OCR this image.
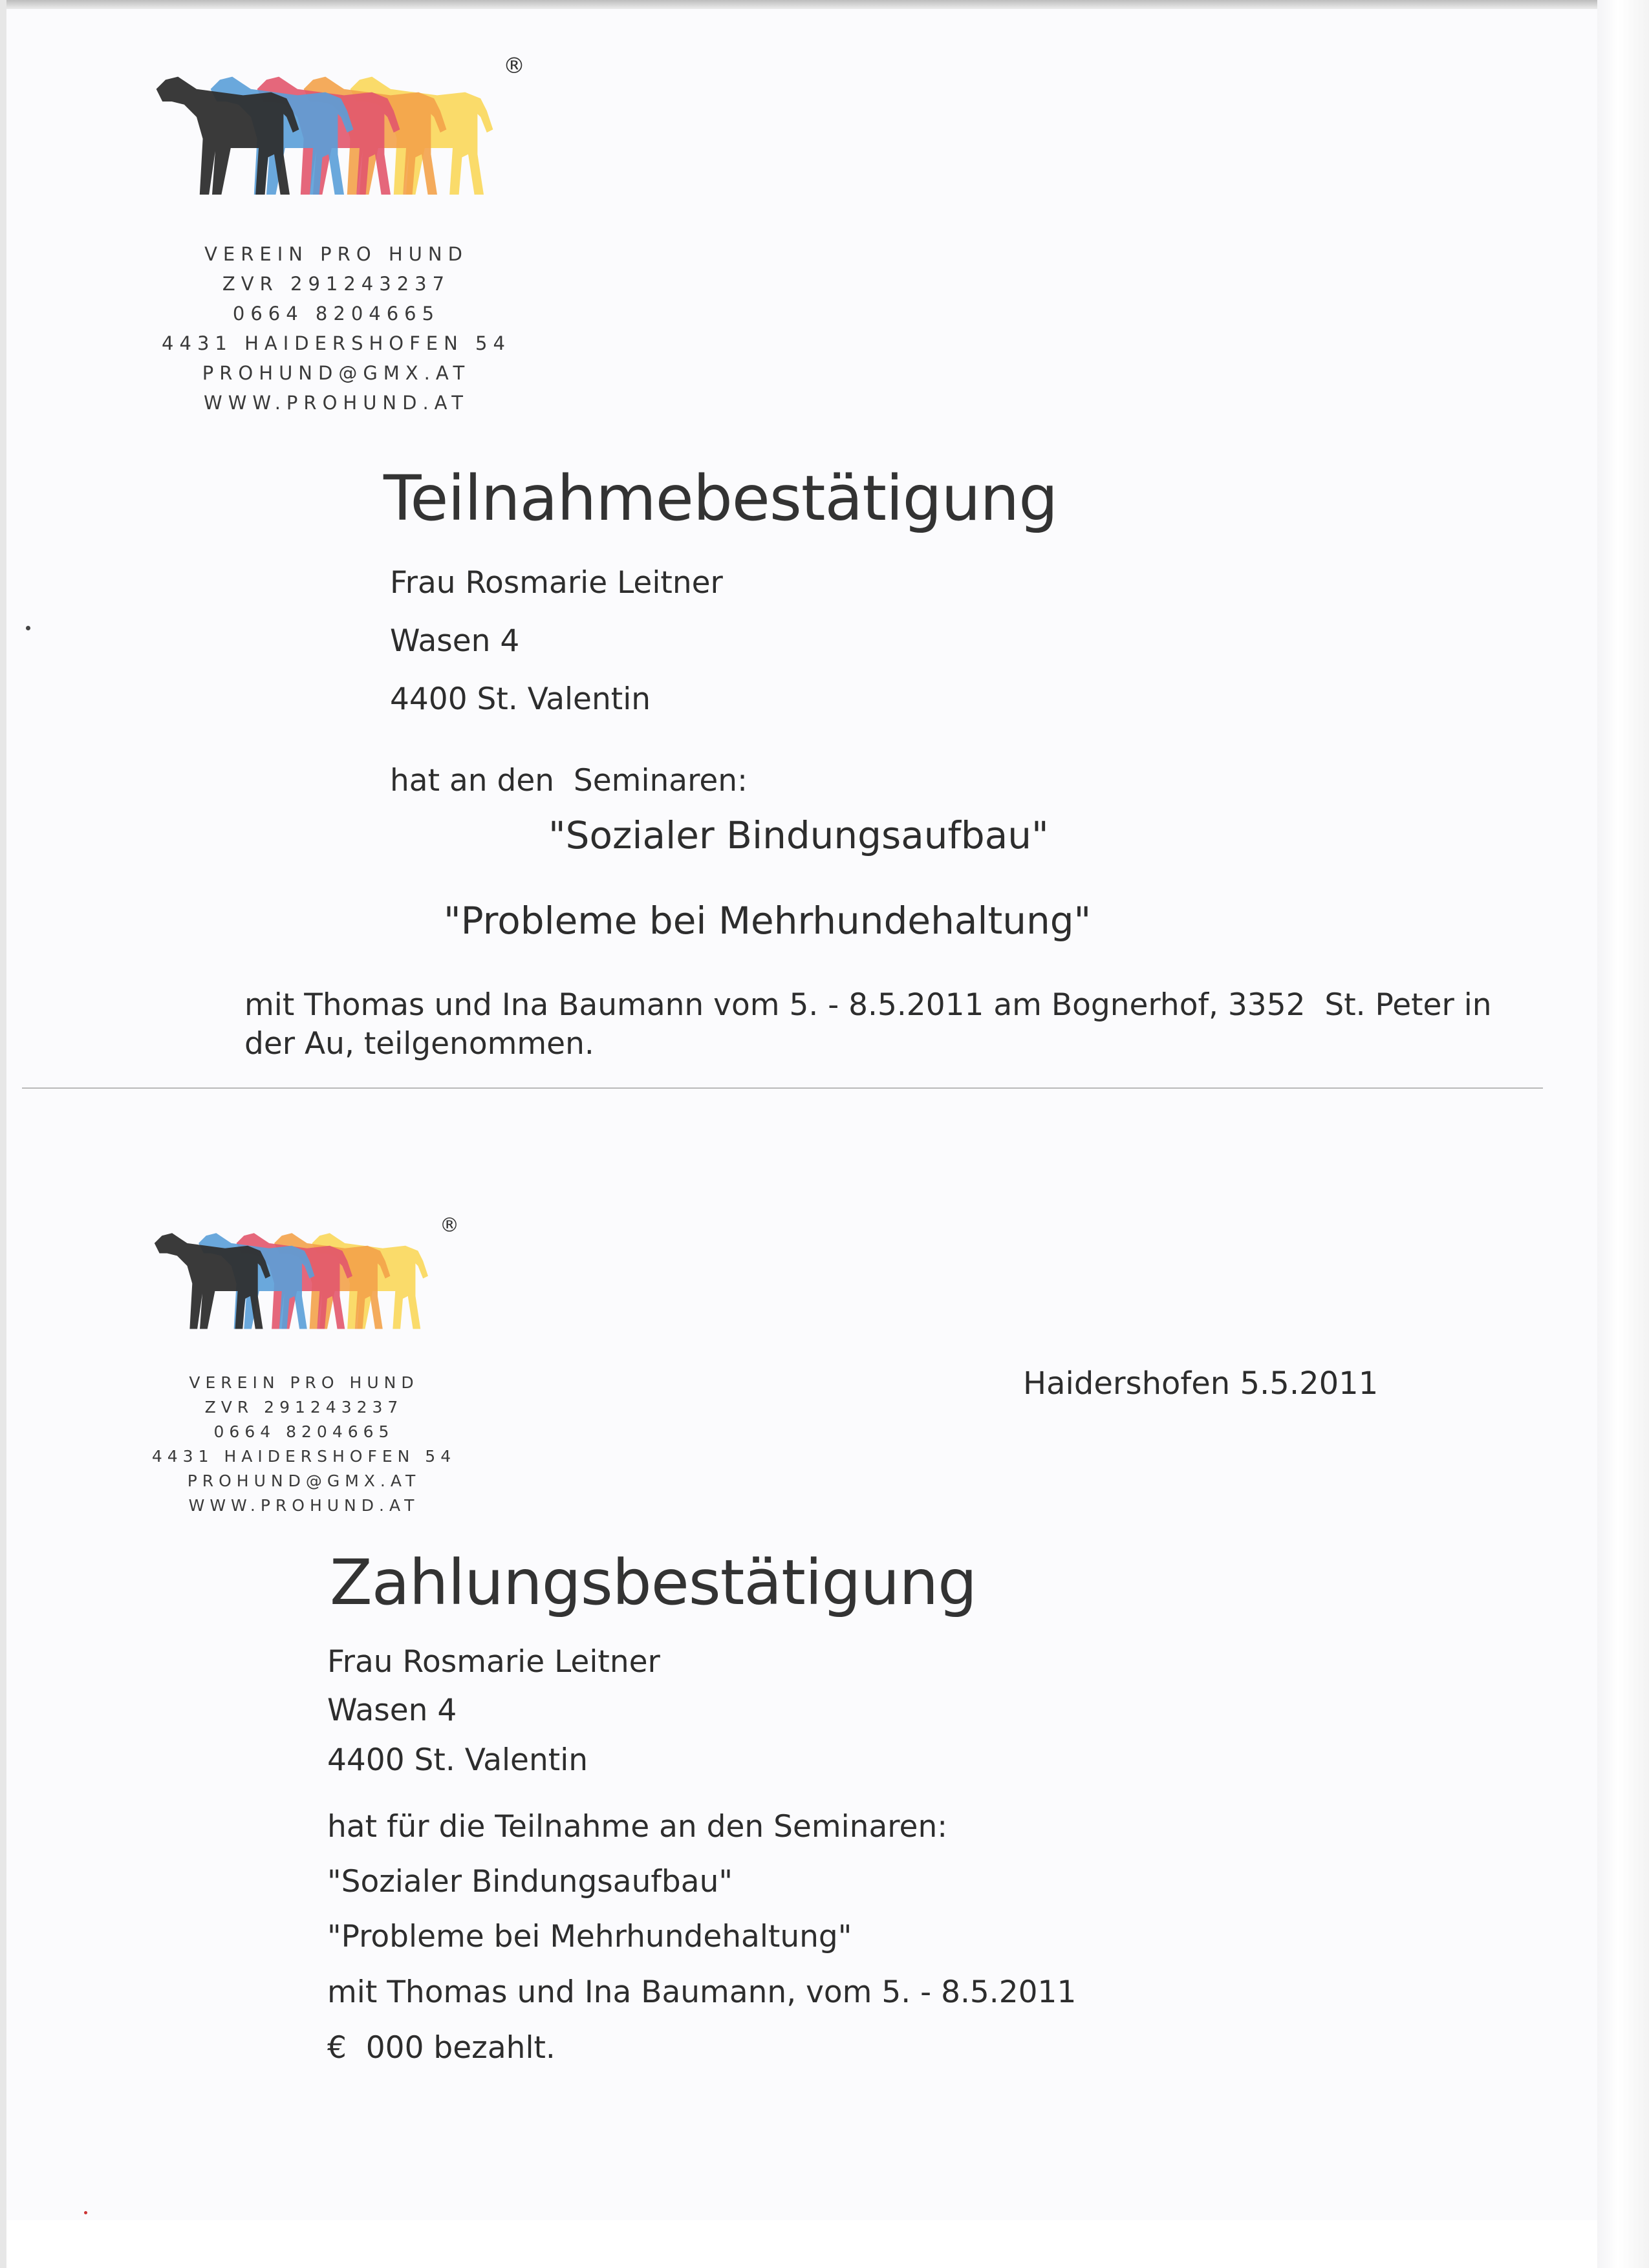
®
VEREIN PRO HUND
ZVR 291243237
0664 8204665
4431 HAIDERSHOFEN 54
PROHUND@GMX.AT
WWW.PROHUND.AT
Teilnahmebestätigung
Frau Rosmarie Leitner
Wasen 4
4400 St. Valentin
hat an den  Seminaren:
"Sozialer Bindungsaufbau"
"Probleme bei Mehrhundehaltung"
mit Thomas und Ina Baumann vom 5. - 8.5.2011 am Bognerhof, 3352  St. Peter in
der Au, teilgenommen.
®
VEREIN PRO HUND
ZVR 291243237
0664 8204665
4431 HAIDERSHOFEN 54
PROHUND@GMX.AT
WWW.PROHUND.AT
Haidershofen 5.5.2011
Zahlungsbestätigung
Frau Rosmarie Leitner
Wasen 4
4400 St. Valentin
hat für die Teilnahme an den Seminaren:
"Sozialer Bindungsaufbau"
"Probleme bei Mehrhundehaltung"
mit Thomas und Ina Baumann, vom 5. - 8.5.2011
€  000 bezahlt.
